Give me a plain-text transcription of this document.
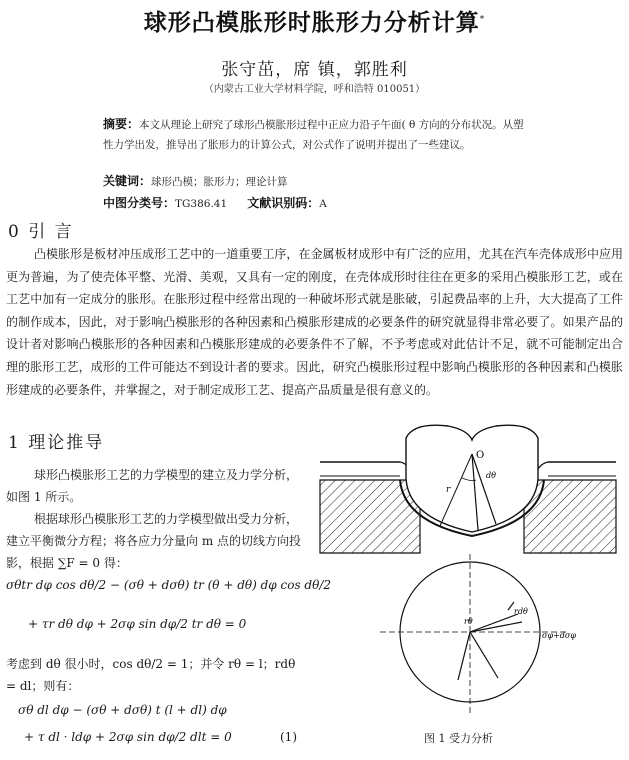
球形凸模胀形时胀形力分析计算*
张守茁，席 镇，郭胜利
（内蒙古工业大学材料学院，呼和浩特 010051）
摘要：本文从理论上研究了球形凸模胀形过程中正应力沿子午面( θ 方向的分布状况。从塑性力学出发，推导出了胀形力的计算公式，对公式作了说明并提出了一些建议。
关键词：球形凸模；胀形力；理论计算
中图分类号：TG386.41 文献识别码：A
0 引 言
凸模胀形是板材冲压成形工艺中的一道重要工序，在金属板材成形中有广泛的应用，尤其在汽车壳体成形中应用更为普遍，为了使壳体平整、光滑、美观，又具有一定的刚度，在壳体成形时往往在更多的采用凸模胀形工艺，或在工艺中加有一定成分的胀形。在胀形过程中经常出现的一种破坏形式就是胀破，引起费品率的上升，大大提高了工件的制作成本，因此，对于影响凸模胀形的各种因素和凸模胀形建成的必要条件的研究就显得非常必要了。如果产品的设计者对影响凸模胀形的各种因素和凸模胀形建成的必要条件不了解，不予考虑或对此估计不足，就不可能制定出合理的胀形工艺，成形的工件可能达不到设计者的要求。因此，研究凸模胀形过程中影响凸模胀形的各种因素和凸模胀形建成的必要条件，并掌握之，对于制定成形工艺、提高产品质量是很有意义的。
1 理论推导
球形凸模胀形工艺的力学模型的建立及力学分析，如图 1 所示。
根据球形凸模胀形工艺的力学模型做出受力分析，建立平衡微分方程；将各应力分量向 m 点的切线方向投影，根据 ∑F = 0 得：
σθtr dφ cos dθ/2 − (σθ + dσθ) tr (θ + dθ) dφ cos dθ/2
+ τr dθ dφ + 2σφ sin dφ/2 tr dθ = 0
考虑到 dθ 很小时，cos dθ/2 = 1；并令 rθ = l；rdθ = dl；则有：
σθ dl dφ − (σθ + dσθ) t (l + dl) dφ
+ τ dl · ldφ + 2σφ sin dφ/2 dlt = 0	(1)
O
r
dθ
σφ+dσφ
rdθ
rθ
图 1 受力分析
